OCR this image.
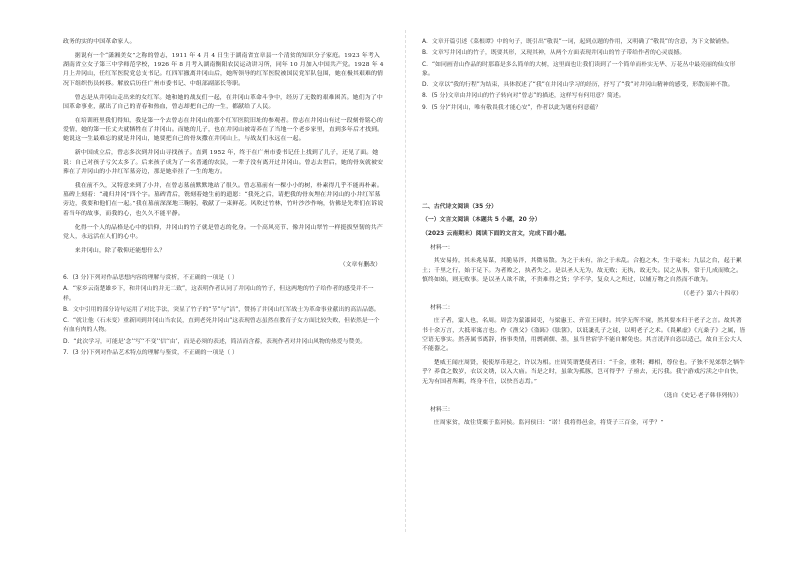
政务的实的中国革命家人。

据说有一个“潇湘美女”之称的曾志，1911 年 4 月 4 日生于湖南省宜章县一个清贫的知识分子家庭。1923 年考入湖南省立女子第三中学师范学校，1926 年 8 月考入湖南衡阳农民运动讲习所，同年 10 月加入中国共产党。1928 年 4 月上井冈山，任红军医院党总支书记。红四军撤离井冈山后，她所领导的红军医院被国民党军队包围，她在极其艰难的情况下组织伤员转移。解放后历任广州市委书记、中组部副部长等职。

曾志是从井冈山走出来的女红军。她和她的战友们一起，在井冈山革命斗争中，经历了无数的艰难困苦。她们为了中国革命事业，献出了自己的青春和热血，曾志却把自己的一生，都献给了人民。

在培训班里我们得知，我是第一个去曾志在井冈山的那个红军医院旧址的参观者。曾志在井冈山有过一段刻骨铭心的爱情，她的第一任丈夫就牺牲在了井冈山。而她的儿子，也在井冈山被寄养在了当地一个老乡家里，直到多年后才找到。她说这一生最难忘的就是井冈山，她要把自己的骨灰撒在井冈山上，与战友们永远在一起。

新中国成立后，曾志多次到井冈山寻找孩子。直到 1952 年，终于在广州市委书记任上找到了儿子，还见了面。她说：自己对孩子亏欠太多了。后来孩子成为了一名普通的农民，一辈子没有离开过井冈山。曾志去世后，她的骨灰就被安葬在了井冈山的小井红军墓旁边，那是她牵挂了一生的地方。

我在前不久，又特意来到了小井，在曾志墓前默默地站了很久。曾志墓前有一棵小小的树，朴素得几乎不能再朴素。墓碑上刻着：“魂归井冈”四个字。墓碑背后，镌刻着她生前的遗愿：“我死之后，请把我的骨灰埋在井冈山的小井红军墓旁边，我要和他们在一起。”我在墓前深深地三鞠躬，敬献了一束鲜花。风吹过竹林，竹叶沙沙作响，仿佛是先辈们在诉说着当年的故事，而我的心，也久久不能平静。

化得一个人的品格是心中的信仰，井冈山的竹子就是曾志的化身。一个高风亮节、像井冈山翠竹一样挺拔坚韧的共产党人，永远活在人们的心中。

来井冈山，除了敬仰还能想什么？

（文章有删改）

6．(3 分)下列对作品思想内容的理解与赏析，不正确的一项是（ ）

A．“家乡云南楚雄乡下，和井冈山的并无二致”，这表明作者认同了井冈山的竹子，但这两地的竹子给作者的感受并不一样。

B．文中引用的部分诗句运用了对比手法，突显了竹子的“节”与“洁”，赞扬了井冈山红军战士为革命事业献出的高洁品德。

C．“就让他（石未变）重新回到井冈山当农民，直到老死井冈山”这表现曾志虽然在教育子女方面比较失败，但依然是一个有血有肉的人物。

D．“此次学习，可能是‘念’‘写’‘不变’‘信’‘由’，而是必须的表述，简洁而含蓄，表现作者对井冈山风物的热爱与赞美。

7．(3 分)下列对作品艺术特点的理解与鉴赏，不正确的一项是（ ）

A．文章开篇引述《菜根谭》中的句子，既引出“敬畏”一词，起到点题的作用，又明确了“敬畏”的含意，为下文做铺垫。

B．文章写井冈山的竹子，既要其形，又现其神，从两个方面表现井冈山的竹子带给作者的心灵震撼。

C．“如同画青山作品的时那幕是多么简单的大树，这里面也让我们读到了一个简单而朴实无华、万花丛中最亮丽的仙女形象。

D．文章以“我的行程”为结束，具体叙述了“我”在井冈山学习的经历，抒写了“我”对井冈山精神的感受，形散而神不散。

8．(5 分)文章由井冈山的竹子转向对“曾志”的描述，这样写有何用意？简述。

9．(5 分)“井冈山，唯有敬畏我才能心安”，作者以此为题有何意蕴？

二、古代诗文阅读（35 分）

（一）文言文阅读（本题共 5 小题，20 分）

（2023 云南期末）阅读下面的文言文，完成下面小题。

材料一：

其安易持，其未兆易谋，其脆易泮，其微易散。为之于未有，治之于未乱。合抱之木，生于毫末；九层之台，起于累土；千里之行，始于足下。为者败之，执者失之。是以圣人无为，故无败；无执，故无失。民之从事，常于几成而败之。慎终如始，则无败事。是以圣人欲不欲，不贵难得之货；学不学，复众人之所过，以辅万物之自然而不敢为。

（《老子》第六十四章）

材料二：

庄子者，蒙人也，名周。周尝为蒙漆园吏，与梁惠王、齐宣王同时。其学无所不窥，然其要本归于老子之言。故其著书十余万言，大抵率寓言也。作《渔父》《盗跖》《胠箧》，以诋訿孔子之徒，以明老子之术。《畏累虚》《亢桑子》之属，皆空语无事实。然善属书离辞，指事类情，用剽剥儒、墨，虽当世宿学不能自解免也。其言洸洋自恣以适己，故自王公大人不能器之。

楚威王闻庄周贤，使使厚币迎之，许以为相。庄周笑谓楚使者曰：“千金，重利；卿相，尊位也。子独不见郊祭之牺牛乎？养食之数岁，衣以文绣，以入大庙。当是之时，虽欲为孤豚，岂可得乎？子亟去，无污我。我宁游戏污渎之中自快，无为有国者所羁，终身不仕，以快吾志焉。”

（选自《史记·老子韩非列传》）

材料三：

庄周家贫，故往贷粟于监河侯。监河侯曰：“诺！我将得邑金，将贷子三百金，可乎？”
